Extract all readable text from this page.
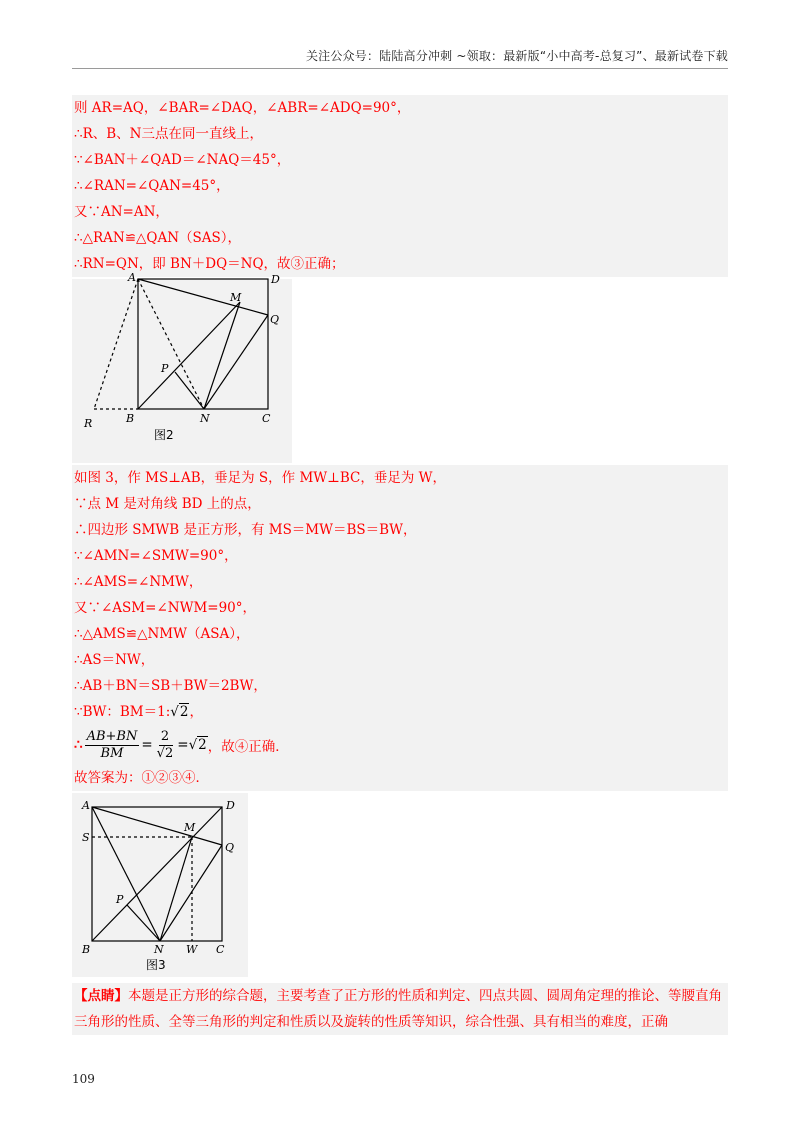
关注公众号：陆陆高分冲刺 ~领取：最新版“小中高考-总复习”、最新试卷下载
则 AR=AQ，∠BAR=∠DAQ，∠ABR=∠ADQ=90°，
∴R、B、N三点在同一直线上，
∵∠BAN＋∠QAD＝∠NAQ＝45°，
∴∠RAN=∠QAN=45°，
又∵AN=AN，
∴△RAN≌△QAN（SAS），
∴RN=QN，即 BN＋DQ＝NQ，故③正确；
A	D
M
Q
P
R	B	N	C
图2
如图 3，作 MS⊥AB，垂足为 S，作 MW⊥BC，垂足为 W，
∵点 M 是对角线 BD 上的点，
∴四边形 SMWB 是正方形，有 MS＝MW＝BS＝BW，
∵∠AMN=∠SMW=90°，
∴∠AMS=∠NMW，
又∵∠ASM=∠NWM=90°，
∴△AMS≌△NMW（ASA），
∴AS＝NW，
∴AB＋BN＝SB＋BW＝2BW，
∵BW：BM＝1:√2，
∴ $\frac{AB+BN}{BM} = \frac{2}{√2} = √2$ ，故④正确．
故答案为：①②③④．
A	D
M
S
Q
P
B	N W C
图3
【点睛】本题是正方形的综合题，主要考查了正方形的性质和判定、四点共圆、圆周角定理的推论、等腰直角三角形的性质、全等三角形的判定和性质以及旋转的性质等知识，综合性强、具有相当的难度，正确
109
